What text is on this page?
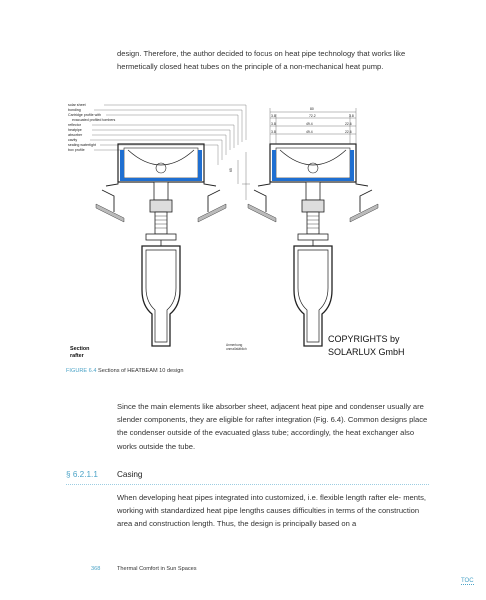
design. Therefore, the author decided to focus on heat pipe technology that works like hermetically closed heat tubes on the principle of a non-mechanical heat pump.

solar sheet
bonding
Cartridge profile with
evacuated profiled tombers
reflector
heatpipe
absorber
cavity
sealing watertight
box profile
80
3.8	72.2	3.8
3.8	49.4	22.6
3.8	49.4	22.6
65
Section
rafter
Anmerkung
unmaßstäblich
COPYRIGHTS by
SOLARLUX GmbH
FIGURE 6.4 Sections of HEATBEAM 10 design

Since the main elements like absorber sheet, adjacent heat pipe and condenser usually are slender components, they are eligible for rafter integration (Fig. 6.4). Common designs place the condenser outside of the evacuated glass tube; accordingly, the heat exchanger also works outside the tube.

§ 6.2.1.1 Casing

When developing heat pipes integrated into customized, i.e. flexible length rafter ele- ments, working with standardized heat pipe lengths causes difficulties in terms of the construction area and construction length. Thus, the design is principally based on a

368	Thermal Comfort in Sun Spaces
TOC
